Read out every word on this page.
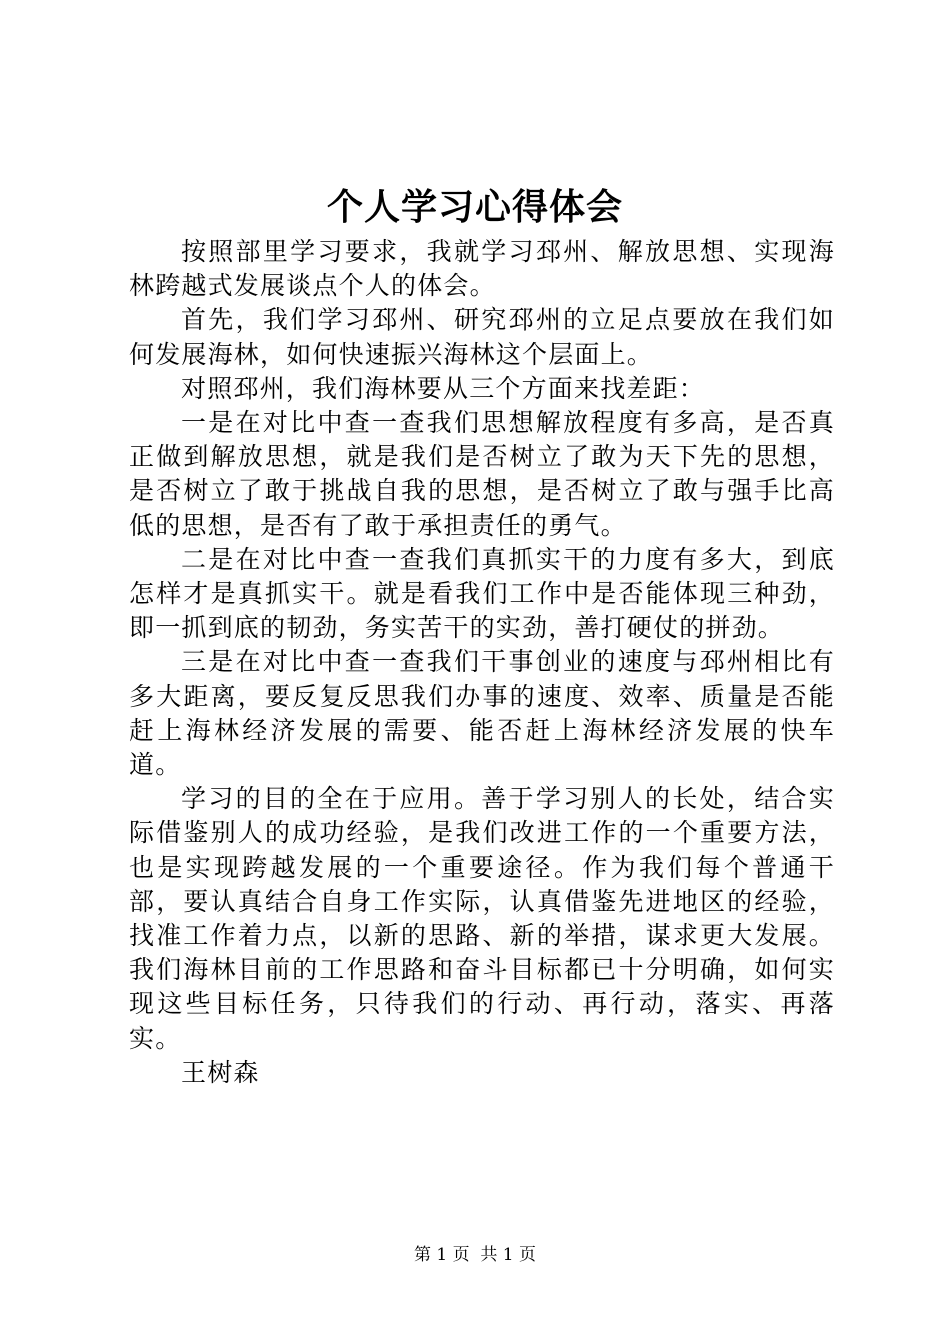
个人学习心得体会

按照部里学习要求，我就学习邳州、解放思想、实现海林跨越式发展谈点个人的体会。

首先，我们学习邳州、研究邳州的立足点要放在我们如何发展海林，如何快速振兴海林这个层面上。

对照邳州，我们海林要从三个方面来找差距：

一是在对比中查一查我们思想解放程度有多高，是否真正做到解放思想，就是我们是否树立了敢为天下先的思想，是否树立了敢于挑战自我的思想，是否树立了敢与强手比高低的思想，是否有了敢于承担责任的勇气。

二是在对比中查一查我们真抓实干的力度有多大，到底怎样才是真抓实干。就是看我们工作中是否能体现三种劲，即一抓到底的韧劲，务实苦干的实劲，善打硬仗的拼劲。

三是在对比中查一查我们干事创业的速度与邳州相比有多大距离，要反复反思我们办事的速度、效率、质量是否能赶上海林经济发展的需要、能否赶上海林经济发展的快车道。

学习的目的全在于应用。善于学习别人的长处，结合实际借鉴别人的成功经验，是我们改进工作的一个重要方法，也是实现跨越发展的一个重要途径。作为我们每个普通干部，要认真结合自身工作实际，认真借鉴先进地区的经验，找准工作着力点，以新的思路、新的举措，谋求更大发展。我们海林目前的工作思路和奋斗目标都已十分明确，如何实现这些目标任务，只待我们的行动、再行动，落实、再落实。

王树森

第 1 页 共 1 页
